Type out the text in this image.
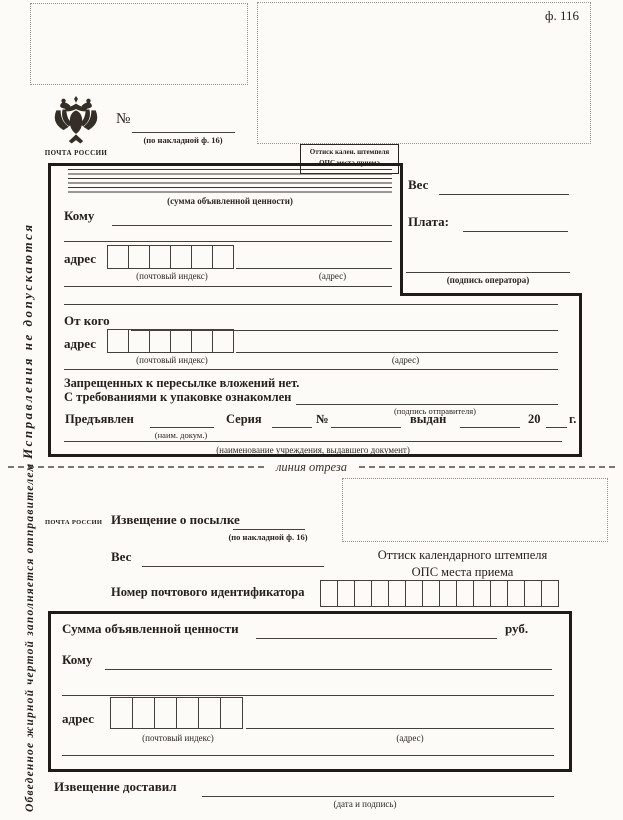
ф. 116
ПОЧТА РОССИИ
№
(по накладной ф. 16)
Оттиск кален. штемпеля
Исправления не допускаются
(сумма объявленной ценности)
Кому
адрес
(почтовый индекс)	(адрес)
Вес
Плата:
(подпись оператора)
От кого
адрес
(почтовый индекс)	(адрес)
Запрещенных к пересылке вложений нет.
С требованиями к упаковке ознакомлен
(подпись отправителя)
Предъявлен
(наим. докум.)
Серия	№	выдан	20 г.
(наименование учреждения, выдавшего документ)
линия отреза
Обведенное жирной чертой заполняется отправителем ПОЧТА РОССИИ Извещение о посылке
(по накладной ф. 16)
Вес	Оттиск календарного штемпеля
ОПС места приема
Номер почтового идентификатора
Сумма объявленной ценности	руб.
Кому
адрес
(почтовый индекс)	(адрес)
Извещение доставил
(дата и подпись)
